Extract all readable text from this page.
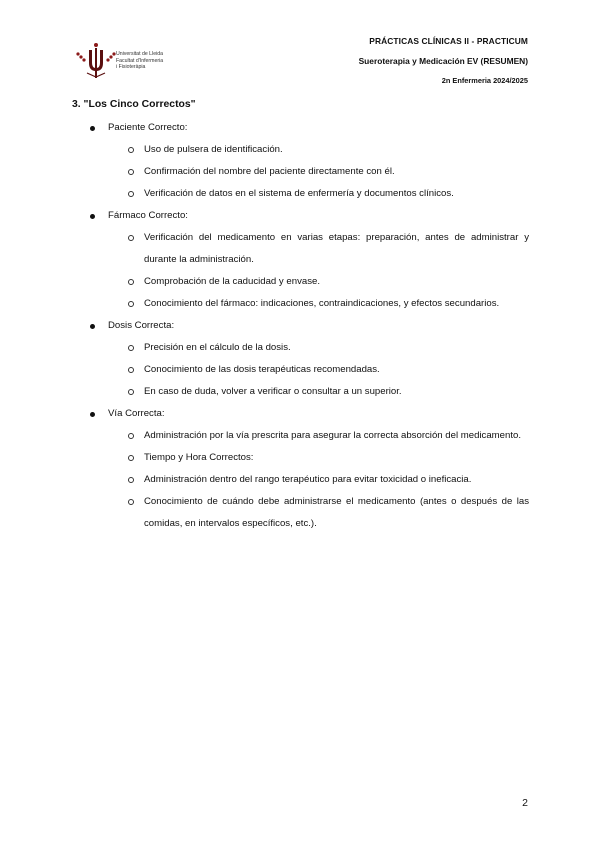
Universitat de Lleida
Facultat d'Infermeria
i Fisioteràpia
PRÁCTICAS CLÍNICAS II - PRACTICUM
Sueroterapia y Medicación EV (RESUMEN)
2n Enfermeria 2024/2025
3. "Los Cinco Correctos"
Paciente Correcto:
Uso de pulsera de identificación.
Confirmación del nombre del paciente directamente con él.
Verificación de datos en el sistema de enfermería y documentos clínicos.
Fármaco Correcto:
Verificación del medicamento en varias etapas: preparación, antes de administrar y durante la administración.
Comprobación de la caducidad y envase.
Conocimiento del fármaco: indicaciones, contraindicaciones, y efectos secundarios.
Dosis Correcta:
Precisión en el cálculo de la dosis.
Conocimiento de las dosis terapéuticas recomendadas.
En caso de duda, volver a verificar o consultar a un superior.
Vía Correcta:
Administración por la vía prescrita para asegurar la correcta absorción del medicamento.
Tiempo y Hora Correctos:
Administración dentro del rango terapéutico para evitar toxicidad o ineficacia.
Conocimiento de cuándo debe administrarse el medicamento (antes o después de las comidas, en intervalos específicos, etc.).
2
